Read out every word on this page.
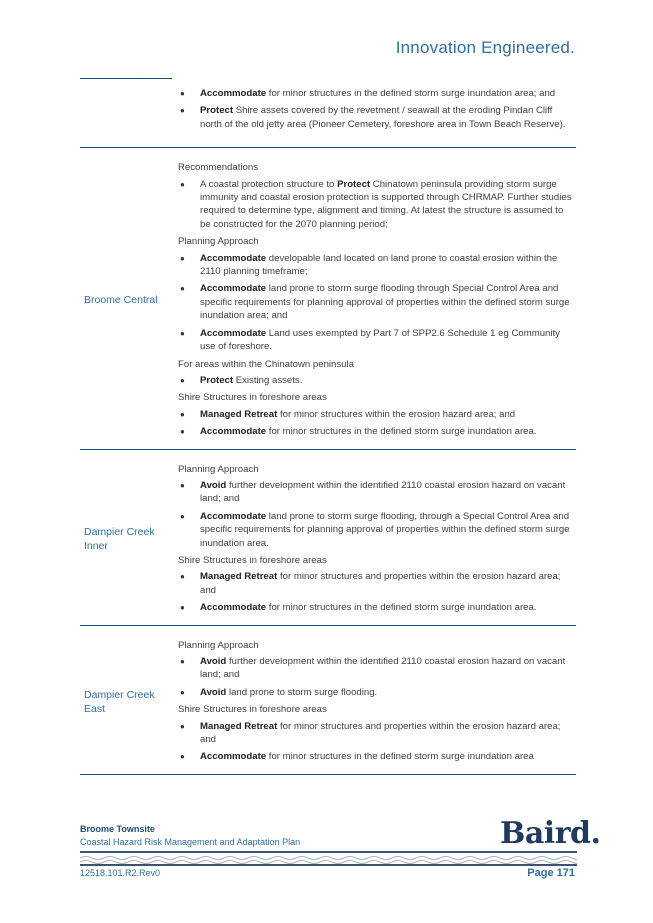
Innovation Engineered.
●	Accommodate for minor structures in the defined storm surge inundation area; and
●	Protect Shire assets covered by the revetment / seawall at the eroding Pindan Cliff north of the old jetty area (Pioneer Cemetery, foreshore area in Town Beach Reserve).
Broome Central
Recommendations
●	A coastal protection structure to Protect Chinatown peninsula providing storm surge immunity and coastal erosion protection is supported through CHRMAP. Further studies required to determine type, alignment and timing. At latest the structure is assumed to be constructed for the 2070 planning period;
Planning Approach
●	Accommodate developable land located on land prone to coastal erosion within the 2110 planning timeframe;
●	Accommodate land prone to storm surge flooding through Special Control Area and specific requirements for planning approval of properties within the defined storm surge inundation area; and
●	Accommodate Land uses exempted by Part 7 of SPP2.6 Schedule 1 eg Community use of foreshore.
For areas within the Chinatown peninsula
●	Protect Existing assets.
Shire Structures in foreshore areas
●	Managed Retreat for minor structures within the erosion hazard area; and
●	Accommodate for minor structures in the defined storm surge inundation area.
Dampier Creek Inner
Planning Approach
●	Avoid further development within the identified 2110 coastal erosion hazard on vacant land; and
●	Accommodate land prone to storm surge flooding, through a Special Control Area and specific requirements for planning approval of properties within the defined storm surge inundation area.
Shire Structures in foreshore areas
●	Managed Retreat for minor structures and properties within the erosion hazard area; and
●	Accommodate for minor structures in the defined storm surge inundation area.
Dampier Creek East
Planning Approach
●	Avoid further development within the identified 2110 coastal erosion hazard on vacant land; and
●	Avoid land prone to storm surge flooding.
Shire Structures in foreshore areas
●	Managed Retreat for minor structures and properties within the erosion hazard area; and
●	Accommodate for minor structures in the defined storm surge inundation area
Broome Townsite
Coastal Hazard Risk Management and Adaptation Plan	Baird.
12518.101.R2.Rev0	Page 171
